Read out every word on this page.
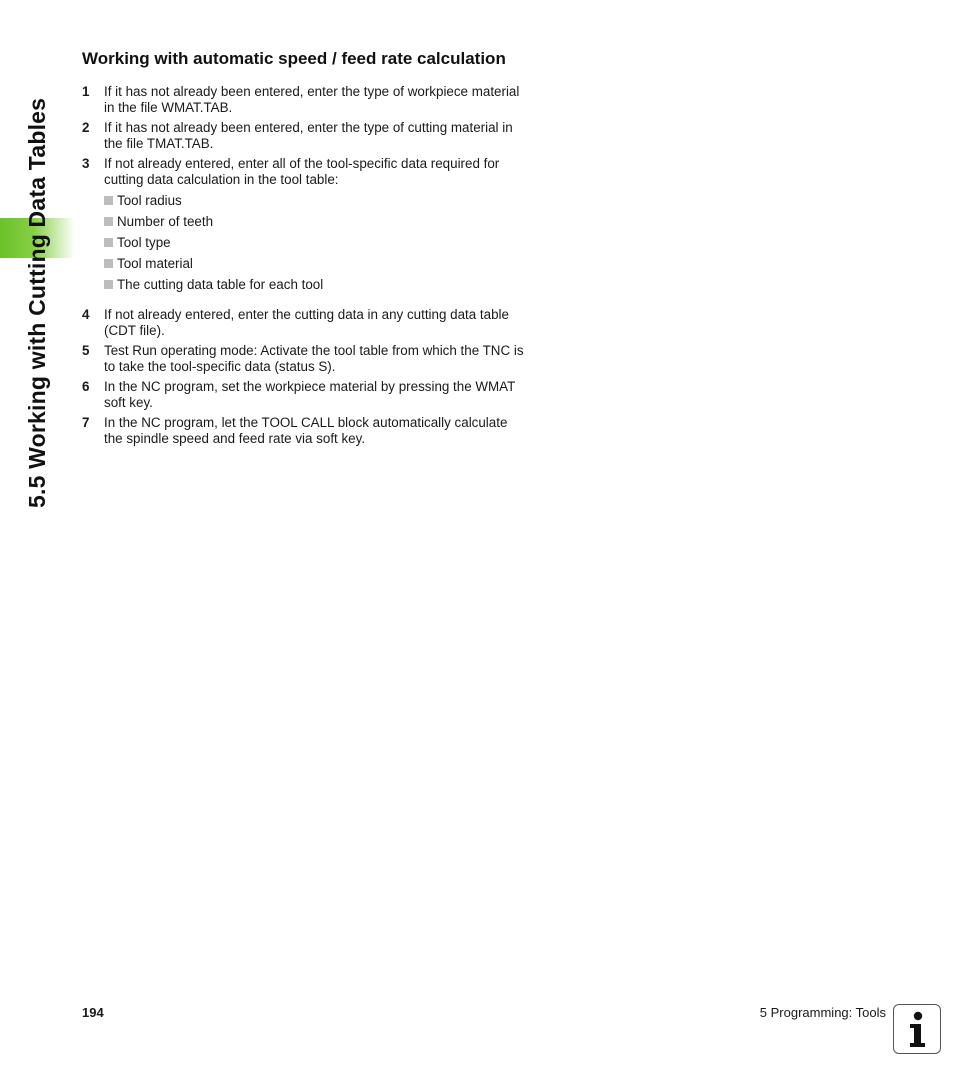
5.5 Working with Cutting Data Tables
Working with automatic speed / feed rate calculation
1 If it has not already been entered, enter the type of workpiece material in the file WMAT.TAB.
2 If it has not already been entered, enter the type of cutting material in the file TMAT.TAB.
3 If not already entered, enter all of the tool-specific data required for cutting data calculation in the tool table:
Tool radius
Number of teeth
Tool type
Tool material
The cutting data table for each tool
4 If not already entered, enter the cutting data in any cutting data table (CDT file).
5 Test Run operating mode: Activate the tool table from which the TNC is to take the tool-specific data (status S).
6 In the NC program, set the workpiece material by pressing the WMAT soft key.
7 In the NC program, let the TOOL CALL block automatically calculate the spindle speed and feed rate via soft key.
194	5 Programming: Tools
